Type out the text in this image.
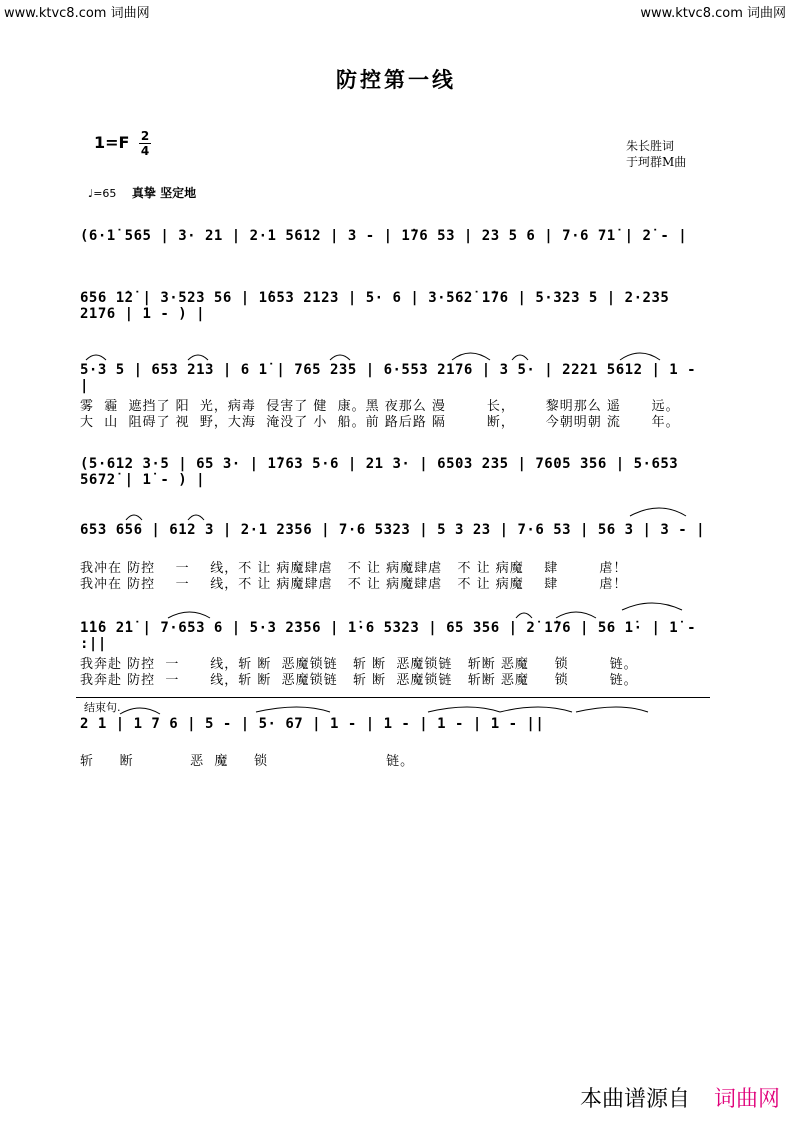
www.ktvc8.com 词曲网	www.ktvc8.com 词曲网
防控第一线
1=F 2
4	朱长胜词
于珂群M曲
♩=65 真挚 坚定地
(6·1̇ 565 | 3· 21 | 2·1 5612 | 3 - | 1̇76 53 | 23 5 6 | 7·6 71̇ | 2̇ - |
656 1̇2̇ | 3·523 56 | 1̇653 2123 | 5· 6 | 3·562̇ 1̇76 | 5·323 5 | 2·235 2176 | 1 - ) |
5·3 5 | 653 213 | 6 1̇ | 765 235 | 6·553 2176 | 3 5· | 2221 5612 | 1 - |
雾  霾  遮挡了 阳  光，病毒  侵害了 健  康。黑 夜那么 漫        长，      黎明那么 遥      远。
大  山  阻碍了 视  野，大海  淹没了 小  船。前 路后路 隔        断，      今朝明朝 流      年。
(5·612 3·5 | 65 3· | 1̇763 5·6 | 21 3· | 6503 235 | 7605 356 | 5·653 5672̇ | 1̇ - ) |
653 656 | 612 3 | 2·1 2356 | 7·6 5323 | 5 3 23 | 7·6 53 | 56 3 | 3 - |
我冲在 防控    一    线，不 让 病魔肆虐   不 让 病魔肆虐   不 让 病魔    肆        虐！
我冲在 防控    一    线，不 让 病魔肆虐   不 让 病魔肆虐   不 让 病魔    肆        虐！
1̇1̇6 2̇1̇ | 7·653 6 | 5·3 2356 | 1̇·6 5323 | 65 356 | 2̇ 1̇76 | 56 1̇· | 1̇ - :||
我奔赴 防控  一      线，斩 断  恶魔锁链   斩 断  恶魔锁链   斩断 恶魔     锁        链。
我奔赴 防控  一      线，斩 断  恶魔锁链   斩 断  恶魔锁链   斩断 恶魔     锁        链。
结束句.
2 1 | 1 7 6 | 5 - | 5· 67 | 1 - | 1 - | 1 - | 1 - ||
斩     断           恶  魔     锁                       链。
本曲谱源自 词曲网
